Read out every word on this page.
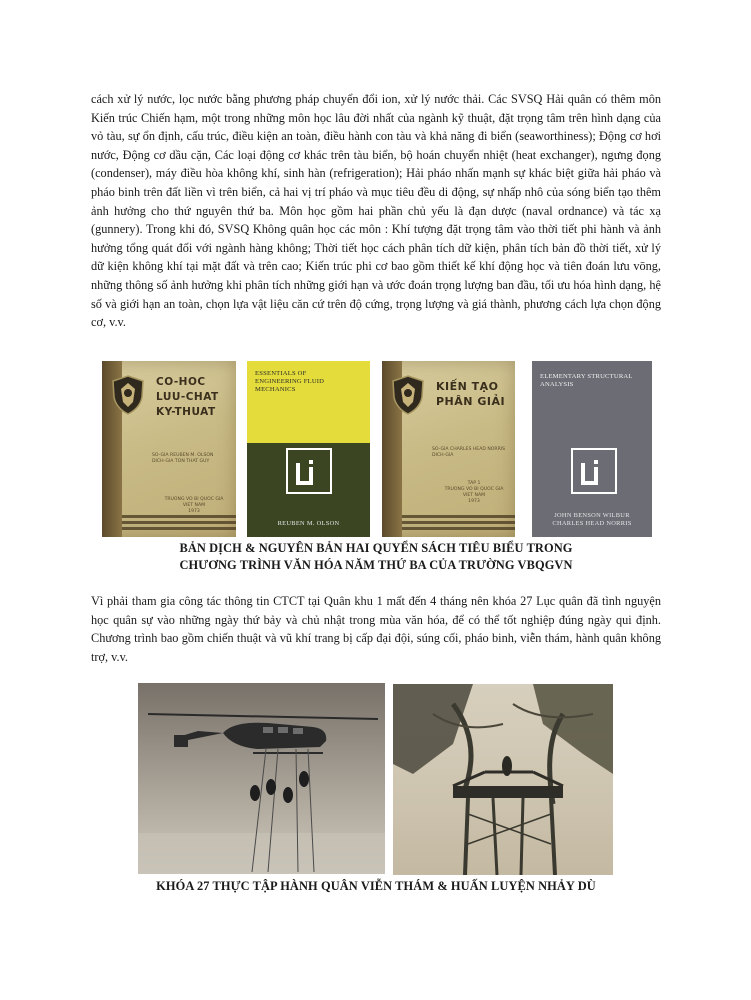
cách xử lý nước, lọc nước bằng phương pháp chuyển đổi ion, xử lý nước thải. Các SVSQ Hải quân có thêm môn Kiến trúc Chiến hạm, một trong những môn học lâu đời nhất của ngành kỹ thuật, đặt trọng tâm trên hình dạng của vỏ tàu, sự ổn định, cấu trúc, điều kiện an toàn, điều hành con tàu và khả năng đi biển (seaworthiness); Động cơ hơi nước, Động cơ dầu cặn, Các loại động cơ khác trên tàu biển, bộ hoán chuyển nhiệt (heat exchanger), ngưng đọng (condenser), máy điều hòa không khí, sinh hàn (refrigeration); Hải pháo nhấn mạnh sự khác biệt giữa hải pháo và pháo binh trên đất liền vì trên biển, cả hai vị trí pháo và mục tiêu đều di động, sự nhấp nhô của sóng biển tạo thêm ảnh hưởng cho thứ nguyên thứ ba. Môn học gồm hai phần chủ yếu là đạn dược (naval ordnance) và tác xạ (gunnery). Trong khi đó, SVSQ Không quân học các môn : Khí tượng đặt trọng tâm vào thời tiết phi hành và ảnh hưởng tổng quát đối với ngành hàng không; Thời tiết học cách phân tích dữ kiện, phân tích bản đồ thời tiết, xử lý dữ kiện không khí tại mặt đất và trên cao; Kiến trúc phi cơ bao gồm thiết kế khí động học và tiên đoán lưu vōng, những thông số ảnh hưởng khi phân tích những giới hạn và ước đoán trọng lượng ban đầu, tối ưu hóa hình dạng, hệ số và giới hạn an toàn, chọn lựa vật liệu căn cứ trên độ cứng, trọng lượng và giá thành, phương cách lựa chọn động cơ, v.v.

CO-HOC
LUU-CHAT
KY-THUAT
SO-GIA REUBEN M. OLSON
DICH-GIA TON THAT GUY
TRUONG VO BI QUOC GIA
VIET NAM
1973
ESSENTIALS OF ENGINEERING FLUID MECHANICS
REUBEN M. OLSON
KIẾN TẠO PHÂN GIẢI
SO-GIA CHARLES HEAD NORRIS
DICH-GIA
TAP 1
TRUONG VO BI QUOC GIA
VIET NAM
1973
ELEMENTARY STRUCTURAL ANALYSIS
JOHN BENSON WILBUR
CHARLES HEAD NORRIS
BẢN DỊCH & NGUYÊN BẢN HAI QUYỂN SÁCH TIÊU BIỂU TRONG
CHƯƠNG TRÌNH VĂN HÓA NĂM THỨ BA CỦA TRƯỜNG VBQGVN

Vì phải tham gia công tác thông tin CTCT tại Quân khu 1 mất đến 4 tháng nên khóa 27 Lục quân đã tình nguyện học quân sự vào những ngày thứ bảy và chủ nhật trong mùa văn hóa, để có thể tốt nghiệp đúng ngày qui định. Chương trình bao gồm chiến thuật và vũ khí trang bị cấp đại đội, súng cối, pháo binh, viễn thám, hành quân không trợ, v.v.

KHÓA 27 THỰC TẬP HÀNH QUÂN VIỄN THÁM & HUẤN LUYỆN NHẢY DÙ
